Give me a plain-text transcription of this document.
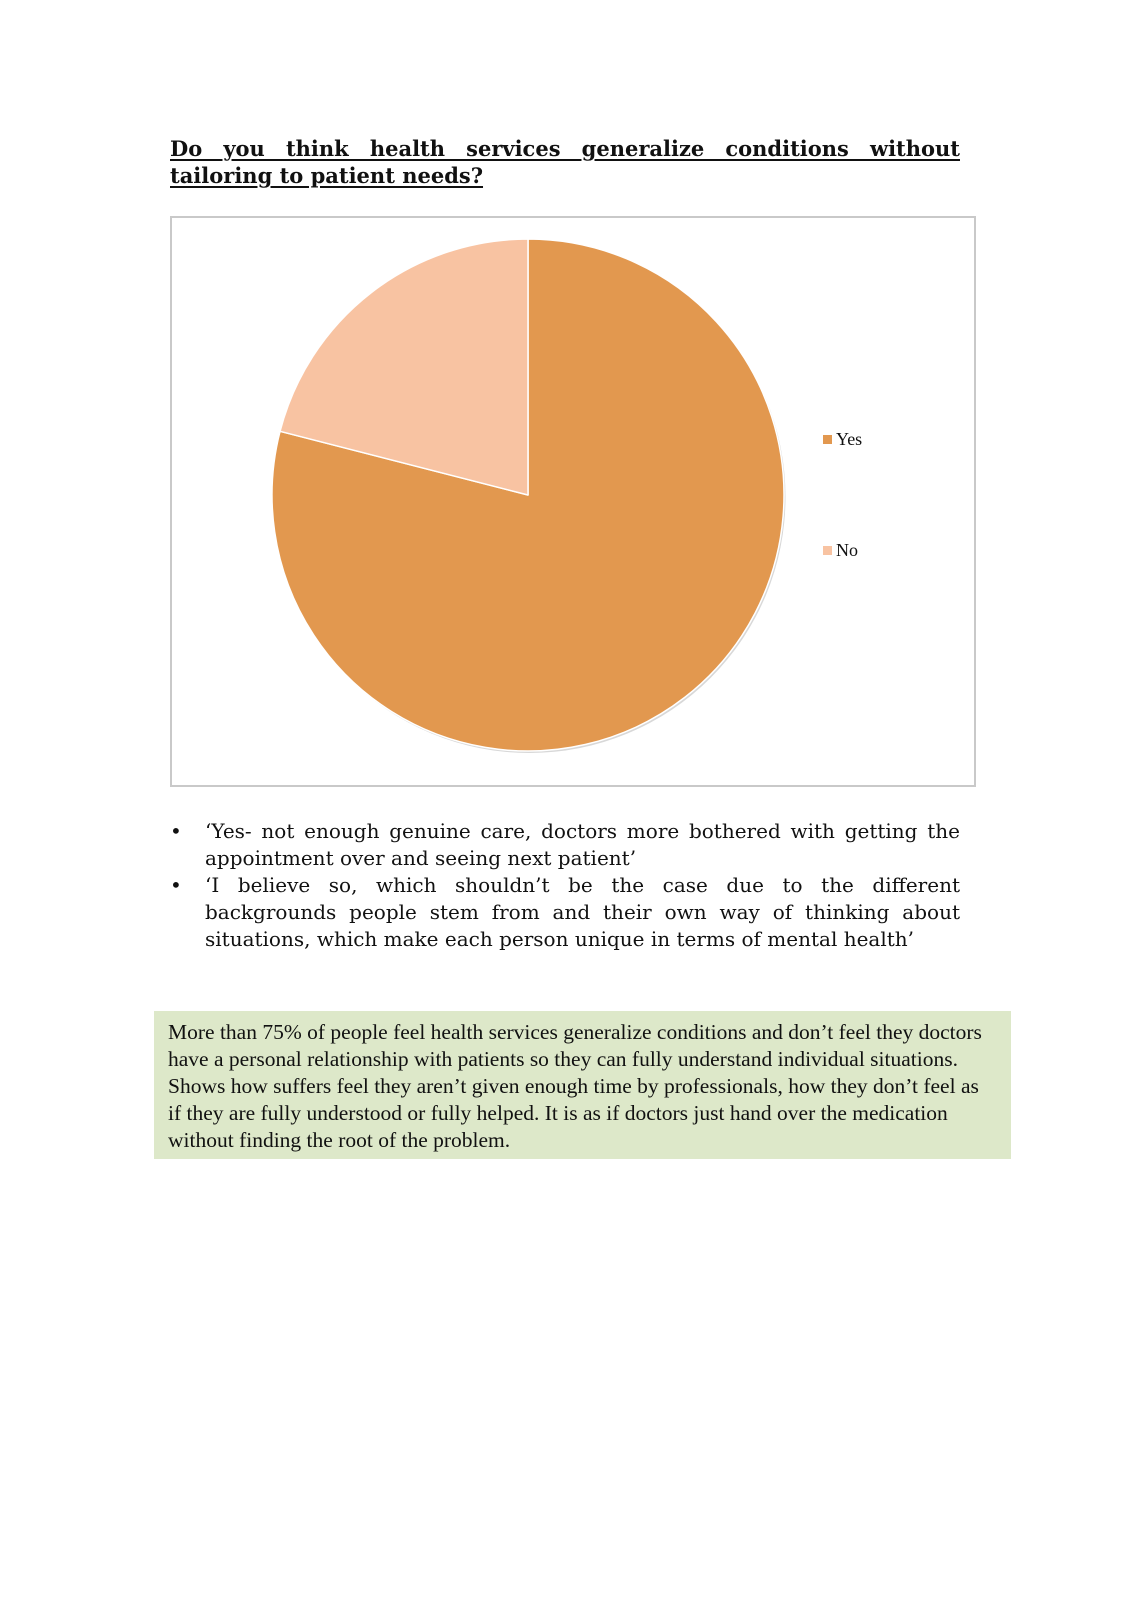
Do you think health services generalize conditions without tailoring to patient needs?
Yes
No
• ‘Yes- not enough genuine care, doctors more bothered with getting the appointment over and seeing next patient’
• ‘I believe so, which shouldn’t be the case due to the different backgrounds people stem from and their own way of thinking about situations, which make each person unique in terms of mental health’
More than 75% of people feel health services generalize conditions and don’t feel they doctors have a personal relationship with patients so they can fully understand individual situations. Shows how suffers feel they aren’t given enough time by professionals, how they don’t feel as if they are fully understood or fully helped. It is as if doctors just hand over the medication without finding the root of the problem.
